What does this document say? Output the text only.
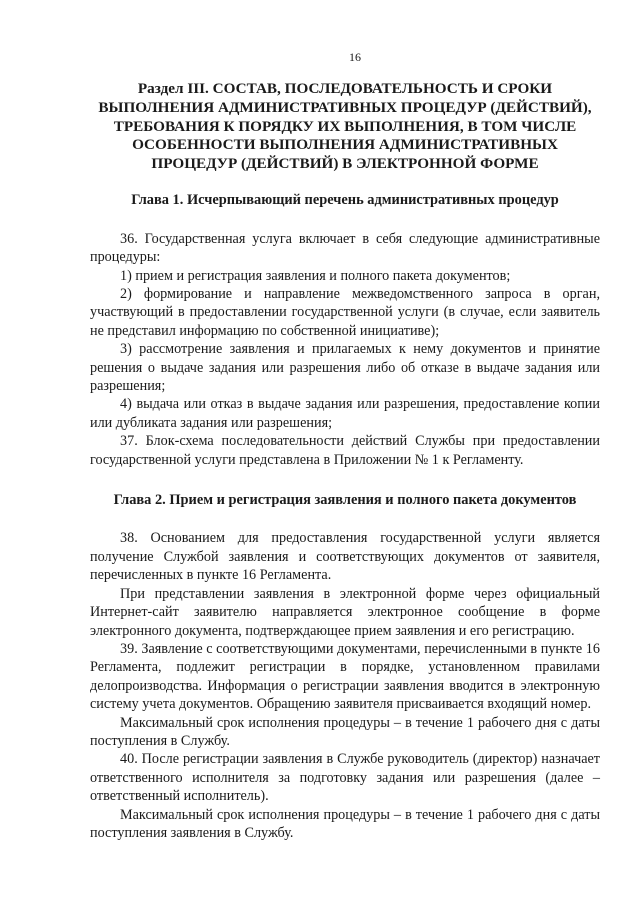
16
Раздел III. СОСТАВ, ПОСЛЕДОВАТЕЛЬНОСТЬ И СРОКИ ВЫПОЛНЕНИЯ АДМИНИСТРАТИВНЫХ ПРОЦЕДУР (ДЕЙСТВИЙ), ТРЕБОВАНИЯ К ПОРЯДКУ ИХ ВЫПОЛНЕНИЯ, В ТОМ ЧИСЛЕ ОСОБЕННОСТИ ВЫПОЛНЕНИЯ АДМИНИСТРАТИВНЫХ ПРОЦЕДУР (ДЕЙСТВИЙ) В ЭЛЕКТРОННОЙ ФОРМЕ
Глава 1. Исчерпывающий перечень административных процедур

36. Государственная услуга включает в себя следующие административные процедуры:

1) прием и регистрация заявления и полного пакета документов;

2) формирование и направление межведомственного запроса в орган, участвующий в предоставлении государственной услуги (в случае, если заявитель не представил информацию по собственной инициативе);

3) рассмотрение заявления и прилагаемых к нему документов и принятие решения о выдаче задания или разрешения либо об отказе в выдаче задания или разрешения;

4) выдача или отказ в выдаче задания или разрешения, предоставление копии или дубликата задания или разрешения;

37. Блок-схема последовательности действий Службы при предоставлении государственной услуги представлена в Приложении № 1 к Регламенту.

Глава 2. Прием и регистрация заявления и полного пакета документов

38. Основанием для предоставления государственной услуги является получение Службой заявления и соответствующих документов от заявителя, перечисленных в пункте 16 Регламента.

При представлении заявления в электронной форме через официальный Интернет-сайт заявителю направляется электронное сообщение в форме электронного документа, подтверждающее прием заявления и его регистрацию.

39. Заявление с соответствующими документами, перечисленными в пункте 16 Регламента, подлежит регистрации в порядке, установленном правилами делопроизводства. Информация о регистрации заявления вводится в электронную систему учета документов. Обращению заявителя присваивается входящий номер.

Максимальный срок исполнения процедуры – в течение 1 рабочего дня с даты поступления в Службу.

40. После регистрации заявления в Службе руководитель (директор) назначает ответственного исполнителя за подготовку задания или разрешения (далее – ответственный исполнитель).

Максимальный срок исполнения процедуры – в течение 1 рабочего дня с даты поступления заявления в Службу.
